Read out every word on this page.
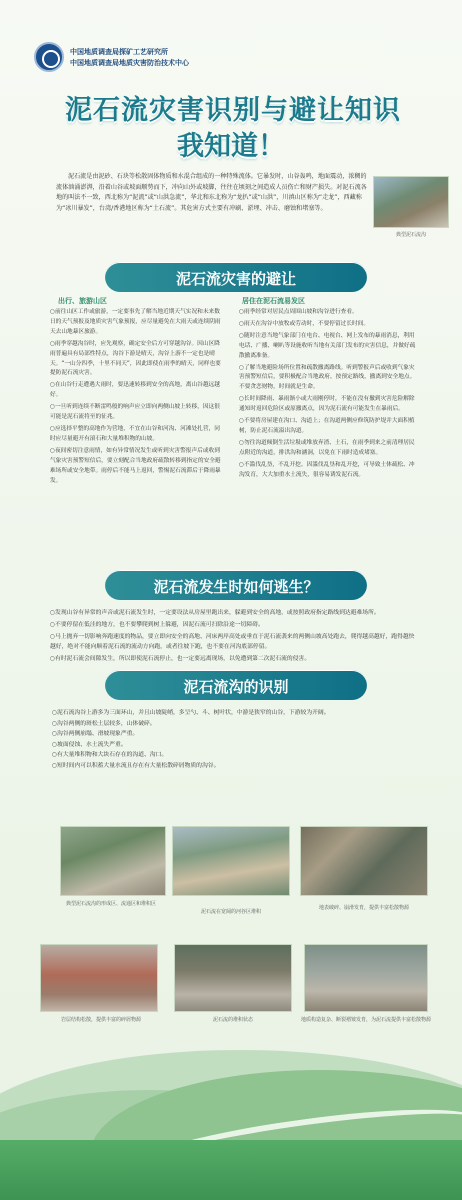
中国地质调查局探矿工艺研究所
中国地质调查局地质灾害防治技术中心
泥石流灾害识别与避让知识
我知道！
泥石流是由泥砂、石块等松散固体物质和水混合组成的一种特殊流体。它暴发时，山谷轰鸣，地面震动，浓稠的流体汹涌澎湃，沿着山谷或坡面顺势而下，冲向山外或坡脚，往往在顷刻之间造成人员伤亡和财产损失。对泥石流各地的叫法不一致，西北称为“泥流”或“山洪急流”，华北和东北称为“龙扒”或“山洪”，川滇山区称为“走龙”，西藏称为“冰川暴发”，台湾/香港地区称为“土石流”。其危害方式主要有冲刷、淤埋、冲击、磨蚀和堵塞等。
典型泥石流沟
泥石流灾害的避让
出行、旅游山区	居住在泥石流易发区

○前往山区工作或旅游，一定要事先了解当地近期天气实况和未来数日的天气预报及地质灾害气象预报，应尽量避免在大雨天或连续阴雨天去山地暴区旅游。

○雨季穿越沟谷时，应先观察，确定安全后方可穿越沟谷。因山区降雨普遍具有局部性特点，沟谷下游是晴天，沟谷上游不一定也是晴天。“一山分四季，十里不同天”，因此即使在雨季的晴天，同样也要提防泥石流灾害。

○在山谷行走遭遇大雨时，要迅速转移到安全的高地，离山谷越远越好。

○一旦听到连续不断雷鸣般的响声应立即向两侧山坡上转移，因这很可能是泥石流将至的征兆。

○应选择平整的高地作为营地，不宜在山谷和河沟、河滩处扎营，同时应尽量避开有滚石和大量堆积物的山坡。

○夜间密切注意雨情，如有异常情况发生或听到灾害警报声后或收到气象灾害预警短信后，要立刻配合当地政府疏散转移到指定的安全避难场所或安全地带。雨停后不能马上返回，警惕泥石流滞后于降雨暴发。

○雨季经常对居民点周围山坡和沟谷进行查看。

○雨天在沟谷中放牧或劳动时，不要停留过长时间。

○随时注意当地气象部门在电台、电视台、网上发布的暴雨消息，利用电话、广播、喇叭等设施收听当地有关部门发布的灾害信息，并做好疏散撤离准备。

○了解当地避险场所位置和疏散撤离路线。听到警报声后或收到气象灾害预警短信后，要积极配合当地政府，按预定路线，撤离到安全地点。不要贪恋财物，时间就是生命。

○长时间降雨、暴雨渐小或大雨刚停时，不能在没有撤到灾害危险解除通知时返回危险区或原撤离点，因为泥石流有可能发生在暴雨后。

○不要将房屋建在沟口、沟道上；在沟道两侧应修筑防护堤并大面积植树，防止泥石流溢出沟道。

○勿往沟道倾倒生活垃圾或堆放弃渣、土石，在雨季到来之前清理居民点附近的沟道，排洪沟和涵洞，以免在下雨时造成堵塞。

○不滥伐乱垦，不乱开挖。因滥伐乱垦和乱开挖，可导致土体疏松、冲沟发育，大大加重水土流失，很容易诱发泥石流。

泥石流发生时如何逃生？

○发现山谷有异常的声音或泥石流发生时，一定要设法从房屋里跑出来，躲避到安全的高地，或按照政府指定路线到达避难场所。

○不要停留在低洼的地方，也不要攀爬到树上躲避，因泥石流可扫除沿途一切障碍。

○马上抛弃一切影响奔跑速度的物品，要立即向安全的高地、河床两岸高处或垂直于泥石流袭来的两侧山坡高处跑去，爬得越高越好，跑得越快越好，绝对不能向顺着泥石流的流动方向跑，或者往坡下跑，也不要在河沟底部停留。

○有时泥石流会间隙发生，所以即使泥石流停止，也一定要远离现场，以免遭到第二次泥石流的侵害。

泥石流沟的识别

○泥石流沟谷上游多为三面环山，并且山坡陡峭，多呈勺、斗、树叶状，中游是狭窄的山谷，下游较为开阔。

○沟谷两侧的斑松土层较多，山体破碎。

○沟谷两侧崩塌、滑坡现象严重。

○坡面侵蚀、水土流失严重。

○有大量堆积物和大块石存在的沟道、沟口。

○短时间内可以积蓄大量水流且存在有大量松散碎屑物质的沟谷。

典型泥石流沟的形成区、流通区和堆积区
泥石流在宽阔的河谷区堆积
地表破碎、崩滑发育，提供丰富松散物源
岩层结构松散，提供丰富的碎屑物源	泥石流的堆积状态	地质构造复杂、断裂褶皱发育，为泥石流提供丰富松散物源
